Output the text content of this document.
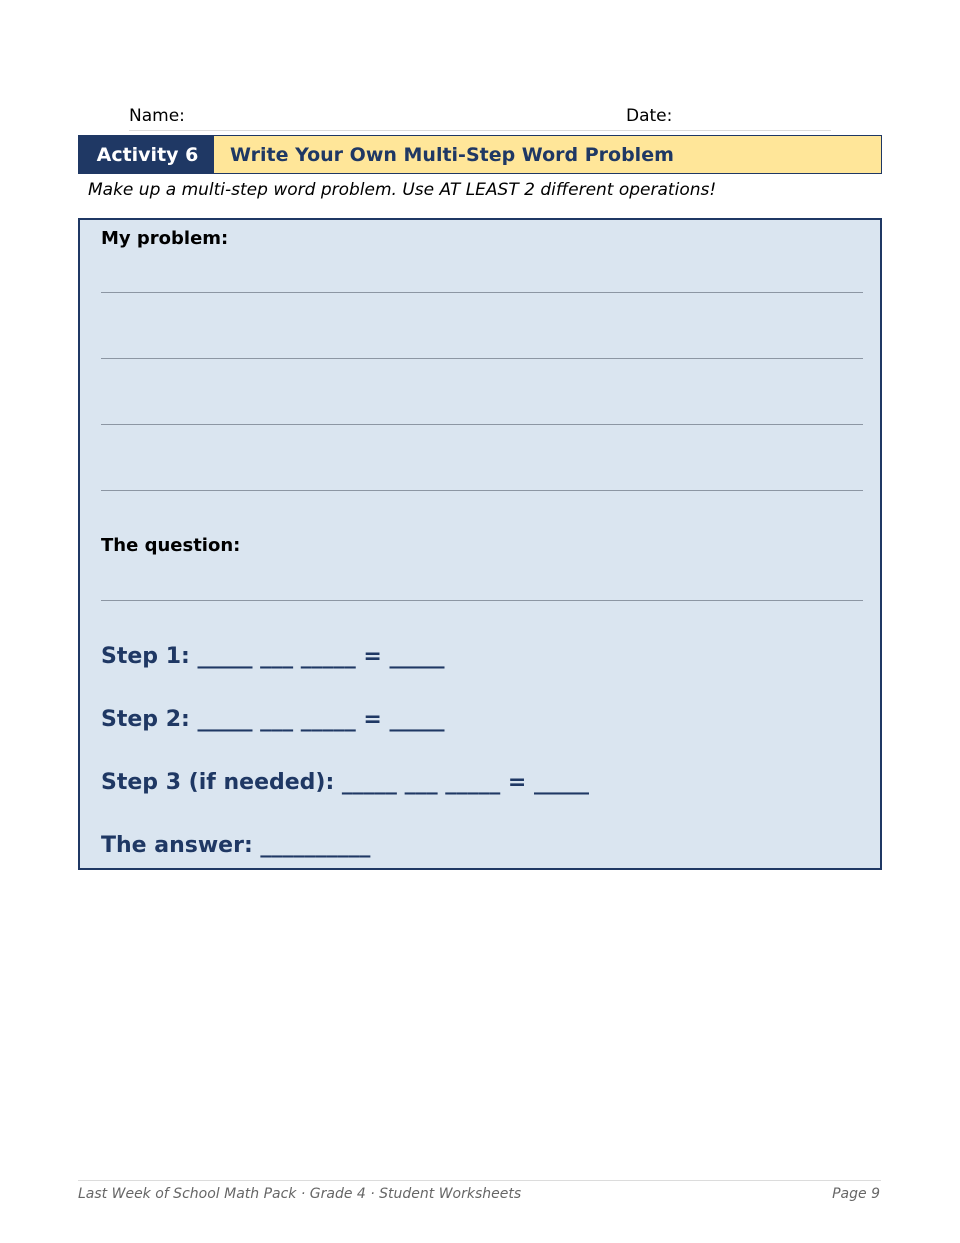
Name:	Date:
Activity 6	Write Your Own Multi-Step Word Problem
Make up a multi-step word problem. Use AT LEAST 2 different operations!
My problem:
The question:
Step 1: _____ ___ _____ = _____
Step 2: _____ ___ _____ = _____
Step 3 (if needed): _____ ___ _____ = _____
The answer: __________
Last Week of School Math Pack · Grade 4 · Student Worksheets	Page 9
